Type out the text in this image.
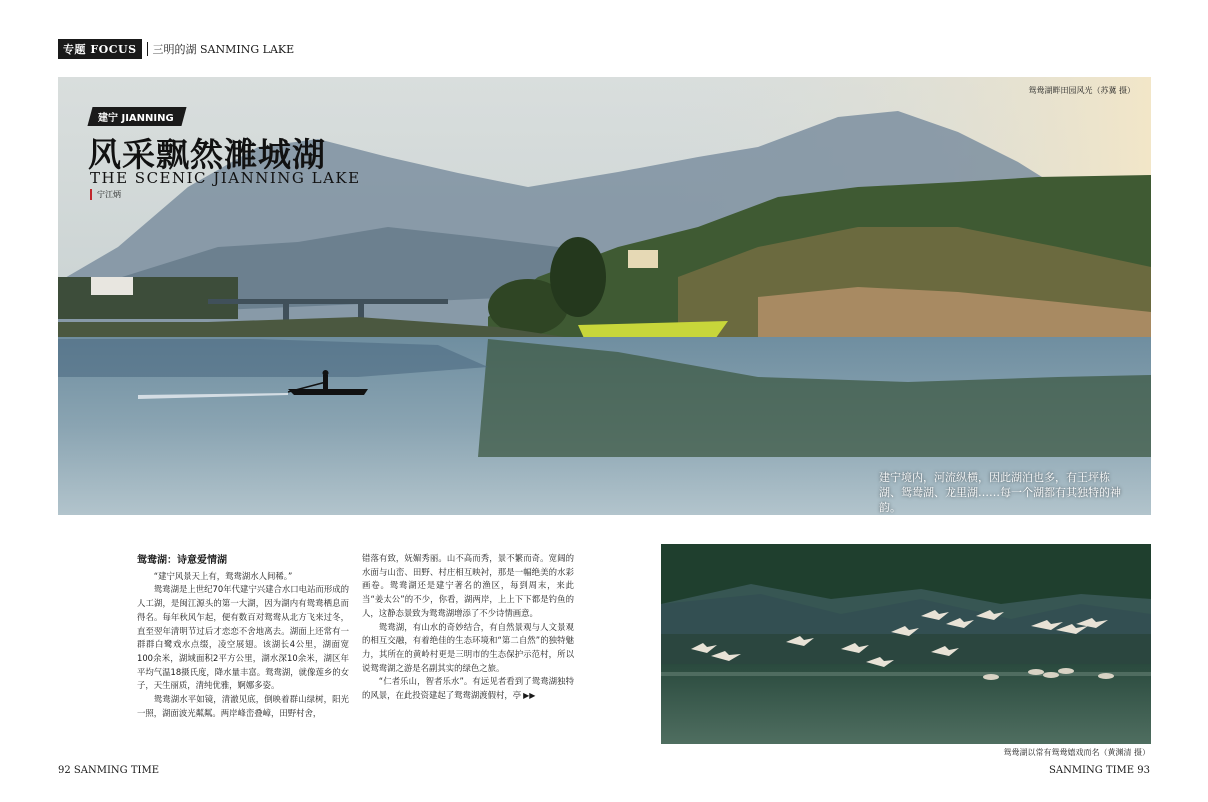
专题 FOCUS	三明的湖 SANMING LAKE
鸳鸯湖畔田园风光（苏冀 摄）
建宁 JIANNING
风采飘然濉城湖
THE SCENIC JIANNING LAKE
宁江炳
建宁境内，河流纵横，因此湖泊也多，有王坪栋湖、鸳鸯湖、龙里湖……每一个湖都有其独特的神韵。

鸳鸯湖：诗意爱情湖

“建宁风景天上有，鸳鸯湖水人间稀。”

鸳鸯湖是上世纪70年代建宁兴建合水口电站而形成的人工湖，是闽江源头的第一大湖，因为湖内有鸳鸯栖息而得名。每年秋风乍起，便有数百对鸳鸯从北方飞来过冬，直至翌年清明节过后才恋恋不舍地离去。湖面上还常有一群群白鹭戏水点缀，凌空展翅。该湖长4公里，湖面宽100余米，湖域面积2平方公里，湖水深10余米，湖区年平均气温18摄氏度，降水量丰富。鸳鸯湖，就像莲乡的女子，天生丽质，清纯优雅，婀娜多姿。

鸳鸯湖水平如镜，清澈见底，倒映着群山绿树，阳光一照，湖面波光粼粼。两岸峰峦叠嶂，田野村舍，

错落有致，妩媚秀丽。山不高而秀，景不繁而奇。宽阔的水面与山峦、田野、村庄相互映衬，那是一幅绝美的水彩画卷。鸳鸯湖还是建宁著名的渔区，每到周末，来此当“姜太公”的不少，你看，湖两岸，上上下下都是钓鱼的人，这静态景致为鸳鸯湖增添了不少诗情画意。

鸳鸯湖，有山水的奇妙结合，有自然景观与人文景观的相互交融，有着绝佳的生态环境和“第二自然”的独特魅力，其所在的黄岭村更是三明市的生态保护示范村，所以说鸳鸯湖之游是名副其实的绿色之旅。

“仁者乐山，智者乐水”。有远见者看到了鸳鸯湖独特的风景，在此投资建起了鸳鸯湖渡假村，亭 ▶▶

鸳鸯湖以常有鸳鸯嬉戏而名（黄渊清 摄）
92 SANMING TIME	SANMING TIME 93
